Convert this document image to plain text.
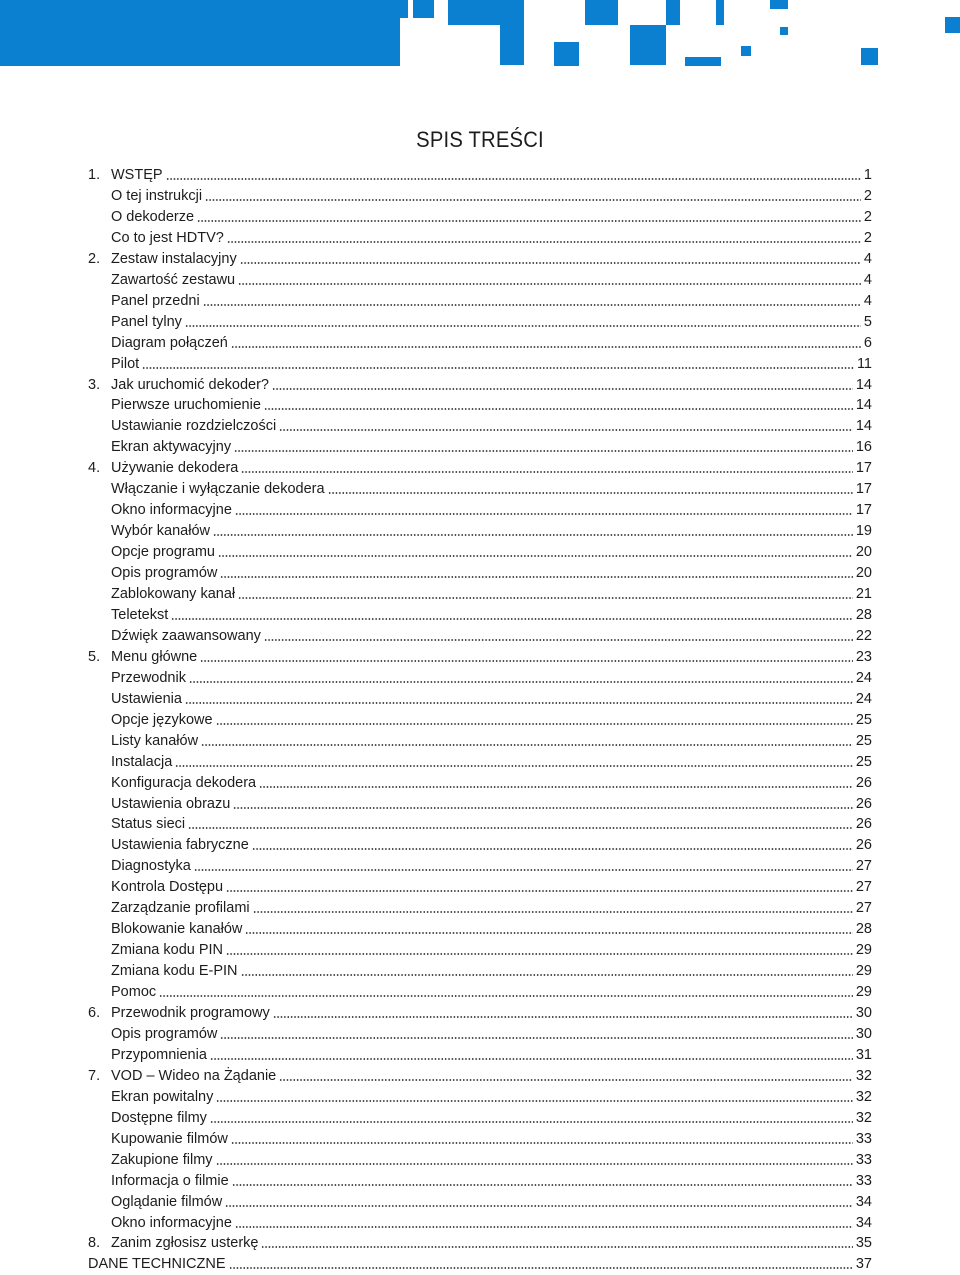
SPIS TREŚCI
1. WSTĘP	1
O tej instrukcji	2
O dekoderze	2
Co to jest HDTV?	2
2. Zestaw instalacyjny	4
Zawartość zestawu	4
Panel przedni	4
Panel tylny	5
Diagram połączeń	6
Pilot	11
3. Jak uruchomić dekoder?	14
Pierwsze uruchomienie	14
Ustawianie rozdzielczości	14
Ekran aktywacyjny	16
4. Używanie dekodera	17
Włączanie i wyłączanie dekodera	17
Okno informacyjne	17
Wybór kanałów	19
Opcje programu	20
Opis programów	20
Zablokowany kanał	21
Teletekst	28
Dźwięk zaawansowany	22
5. Menu główne	23
Przewodnik	24
Ustawienia	24
Opcje językowe	25
Listy kanałów	25
Instalacja	25
Konfiguracja dekodera	26
Ustawienia obrazu	26
Status sieci	26
Ustawienia fabryczne	26
Diagnostyka	27
Kontrola Dostępu	27
Zarządzanie profilami	27
Blokowanie kanałów	28
Zmiana kodu PIN	29
Zmiana kodu E-PIN	29
Pomoc	29
6. Przewodnik programowy	30
Opis programów	30
Przypomnienia	31
7. VOD – Wideo na Żądanie	32
Ekran powitalny	32
Dostępne filmy	32
Kupowanie filmów	33
Zakupione filmy	33
Informacja o filmie	33
Oglądanie filmów	34
Okno informacyjne	34
8. Zanim zgłosisz usterkę	35
DANE TECHNICZNE	37
